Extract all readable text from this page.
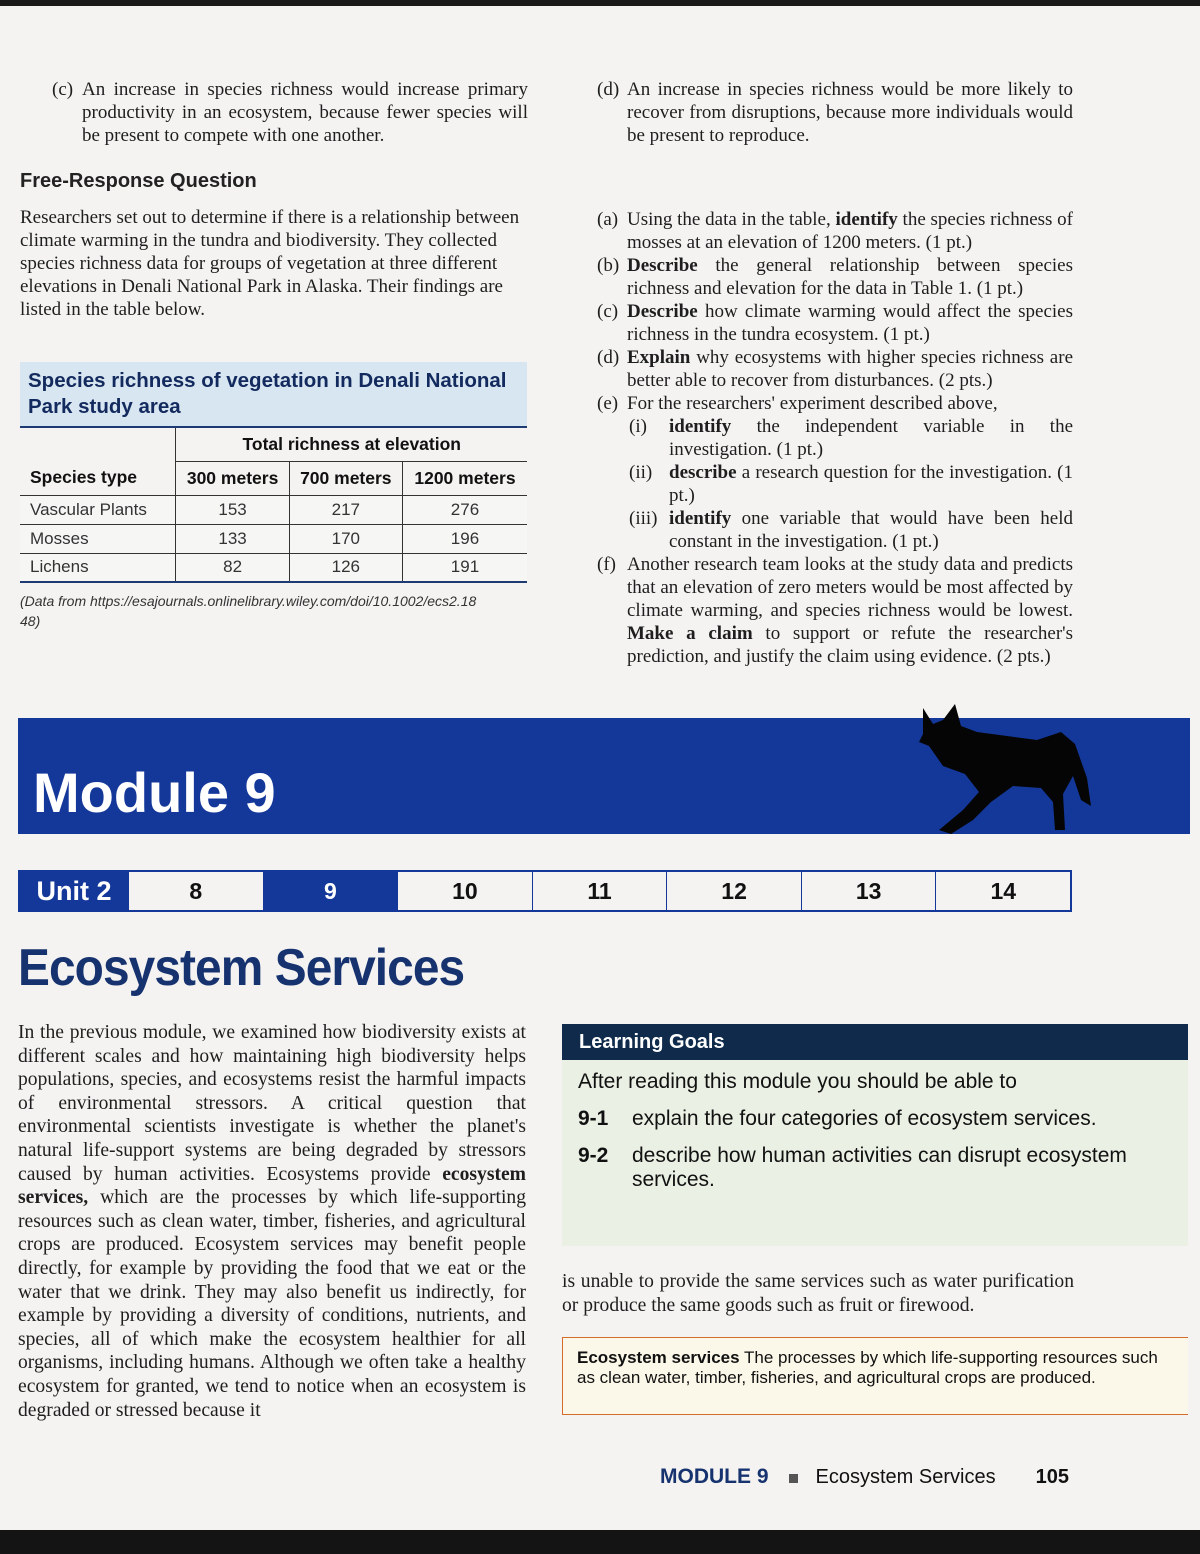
(c) An increase in species richness would increase primary productivity in an ecosystem, because fewer species will be present to compete with one another.
(d) An increase in species richness would be more likely to recover from disruptions, because more individuals would be present to reproduce.
Free-Response Question

Researchers set out to determine if there is a relationship between climate warming in the tundra and biodiversity. They collected species richness data for groups of vegetation at three different elevations in Denali National Park in Alaska. Their findings are listed in the table below.

(a) Using the data in the table, identify the species richness of mosses at an elevation of 1200 meters. (1 pt.)
(b) Describe the general relationship between species richness and elevation for the data in Table 1. (1 pt.)
(c) Describe how climate warming would affect the species richness in the tundra ecosystem. (1 pt.)
(d) Explain why ecosystems with higher species richness are better able to recover from disturbances. (2 pts.)
(e) For the researchers' experiment described above,
(i)	identify the independent variable in the investigation. (1 pt.)
(ii) describe a research question for the investigation. (1 pt.)
(iii) identify one variable that would have been held constant in the investigation. (1 pt.)
(f) Another research team looks at the study data and predicts that an elevation of zero meters would be most affected by climate warming, and species richness would be lowest. Make a claim to support or refute the researcher's prediction, and justify the claim using evidence. (2 pts.)
Species richness of vegetation in Denali National Park study area
	Total richness at elevation		
Species type	300 meters	700 meters	1200 meters
Vascular Plants	153	217	276
Mosses	133	170	196
Lichens	82	126	191
(Data from https://esajournals.onlinelibrary.wiley.com/doi/10.1002/ecs2.1848)
Module 9
Unit 2	8	9	10	11	12	13	14
Ecosystem Services
In the previous module, we examined how biodiversity exists at different scales and how maintaining high biodiversity helps populations, species, and ecosystems resist the harmful impacts of environmental stressors. A critical question that environmental scientists investigate is whether the planet's natural life-support systems are being degraded by stressors caused by human activities. Ecosystems provide ecosystem services, which are the processes by which life-supporting resources such as clean water, timber, fisheries, and agricultural crops are produced. Ecosystem services may benefit people directly, for example by providing the food that we eat or the water that we drink. They may also benefit us indirectly, for example by providing a diversity of conditions, nutrients, and species, all of which make the ecosystem healthier for all organisms, including humans. Although we often take a healthy ecosystem for granted, we tend to notice when an ecosystem is degraded or stressed because it
Learning Goals
After reading this module you should be able to
9-1	explain the four categories of ecosystem services.
9-2	describe how human activities can disrupt ecosystem services.
is unable to provide the same services such as water purification or produce the same goods such as fruit or firewood.
Ecosystem services The processes by which life-supporting resources such as clean water, timber, fisheries, and agricultural crops are produced.
MODULE 9 Ecosystem Services 105
